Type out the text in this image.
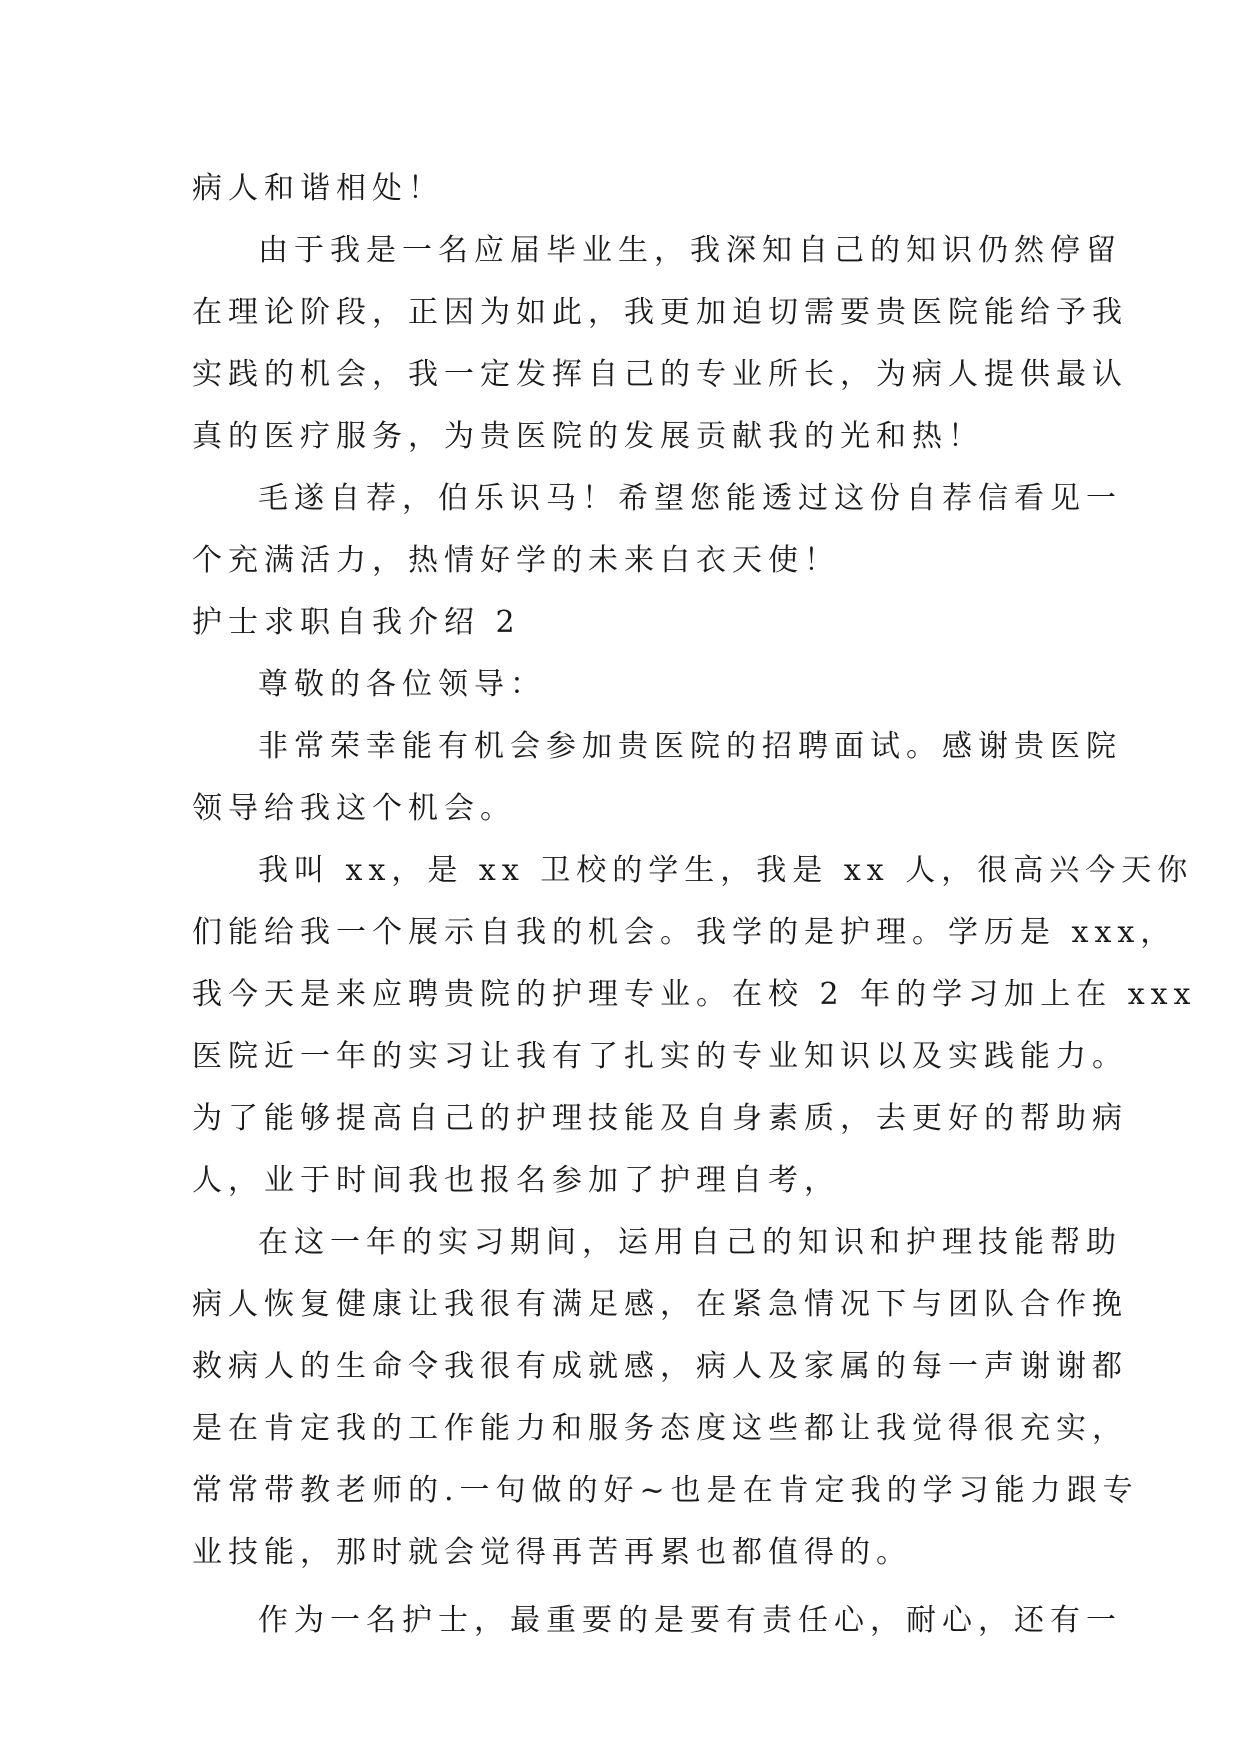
病人和谐相处！
由于我是一名应届毕业生，我深知自己的知识仍然停留
在理论阶段，正因为如此，我更加迫切需要贵医院能给予我
实践的机会，我一定发挥自己的专业所长，为病人提供最认
真的医疗服务，为贵医院的发展贡献我的光和热！
毛遂自荐，伯乐识马！希望您能透过这份自荐信看见一
个充满活力，热情好学的未来白衣天使！
护士求职自我介绍 2
尊敬的各位领导：
非常荣幸能有机会参加贵医院的招聘面试。感谢贵医院
领导给我这个机会。
我叫 xx，是 xx 卫校的学生，我是 xx 人，很高兴今天你
们能给我一个展示自我的机会。我学的是护理。学历是 xxx，
我今天是来应聘贵院的护理专业。在校 2 年的学习加上在 xxx
医院近一年的实习让我有了扎实的专业知识以及实践能力。
为了能够提高自己的护理技能及自身素质，去更好的帮助病
人，业于时间我也报名参加了护理自考，
在这一年的实习期间，运用自己的知识和护理技能帮助
病人恢复健康让我很有满足感，在紧急情况下与团队合作挽
救病人的生命令我很有成就感，病人及家属的每一声谢谢都
是在肯定我的工作能力和服务态度这些都让我觉得很充实，
常常带教老师的.一句做的好~也是在肯定我的学习能力跟专
业技能，那时就会觉得再苦再累也都值得的。
作为一名护士，最重要的是要有责任心，耐心，还有一
